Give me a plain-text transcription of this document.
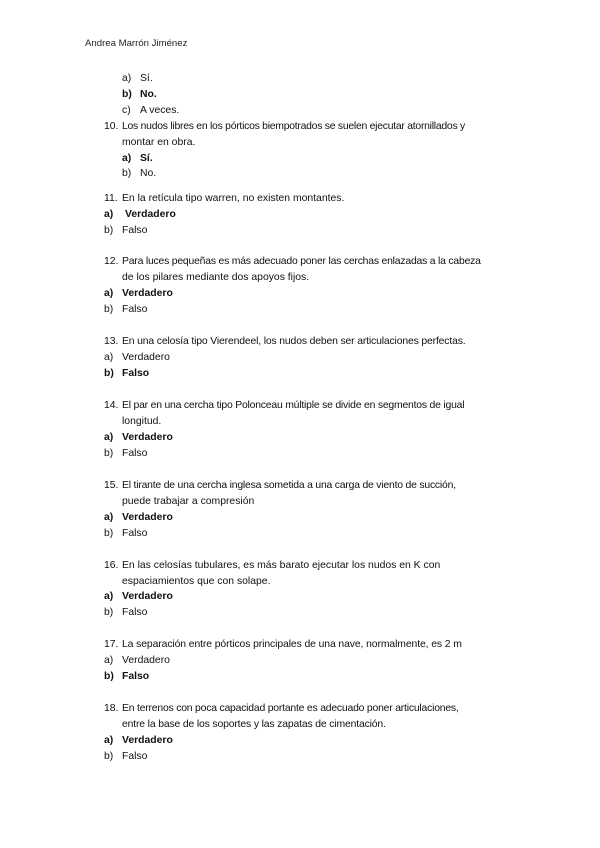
Andrea Marrón Jiménez
a) Sí.
b) No.
c) A veces.
10. Los nudos libres en los pórticos biempotrados se suelen ejecutar atornillados y
montar en obra.
a) Sí.
b) No.
11. En la retícula tipo warren, no existen montantes.
a) Verdadero
b) Falso
12. Para luces pequeñas es más adecuado poner las cerchas enlazadas a la cabeza
de los pilares mediante dos apoyos fijos.
a) Verdadero
b) Falso
13. En una celosía tipo Vierendeel, los nudos deben ser articulaciones perfectas.
a) Verdadero
b) Falso
14. El par en una cercha tipo Polonceau múltiple se divide en segmentos de igual
longitud.
a) Verdadero
b) Falso
15. El tirante de una cercha inglesa sometida a una carga de viento de succión,
puede trabajar a compresión
a) Verdadero
b) Falso
16. En las celosías tubulares, es más barato ejecutar los nudos en K con
espaciamientos que con solape.
a) Verdadero
b) Falso
17. La separación entre pórticos principales de una nave, normalmente, es 2 m
a) Verdadero
b) Falso
18. En terrenos con poca capacidad portante es adecuado poner articulaciones,
entre la base de los soportes y las zapatas de cimentación.
a) Verdadero
b) Falso
